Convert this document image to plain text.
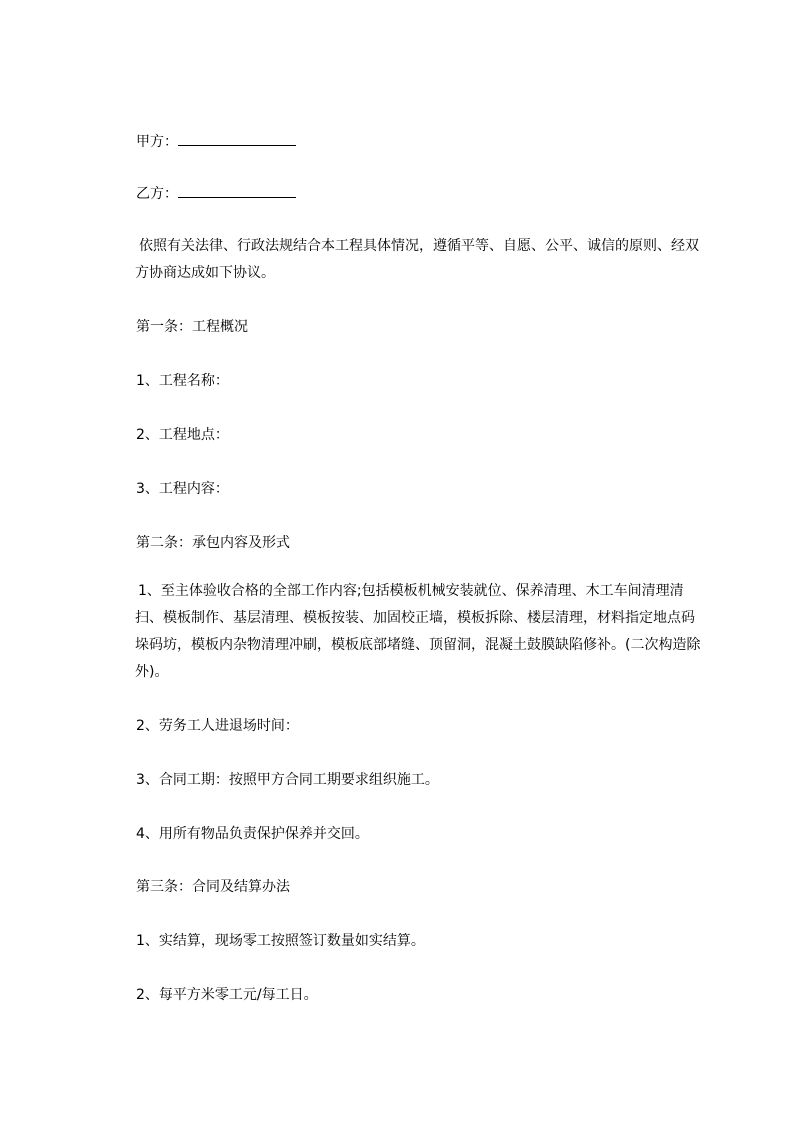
甲方：
乙方：
依照有关法律、行政法规结合本工程具体情况，遵循平等、自愿、公平、诚信的原则、经双方协商达成如下协议。
第一条：工程概况
1、工程名称：
2、工程地点：
3、工程内容：
第二条：承包内容及形式
1、至主体验收合格的全部工作内容;包括模板机械安装就位、保养清理、木工车间清理清扫、模板制作、基层清理、模板按装、加固校正墙，模板拆除、楼层清理，材料指定地点码垛码坊，模板内杂物清理冲刷，模板底部堵缝、顶留洞，混凝土鼓膜缺陷修补。(二次构造除外)。
2、劳务工人进退场时间：
3、合同工期：按照甲方合同工期要求组织施工。
4、用所有物品负责保护保养并交回。
第三条：合同及结算办法
1、实结算，现场零工按照签订数量如实结算。
2、每平方米零工元/每工日。
